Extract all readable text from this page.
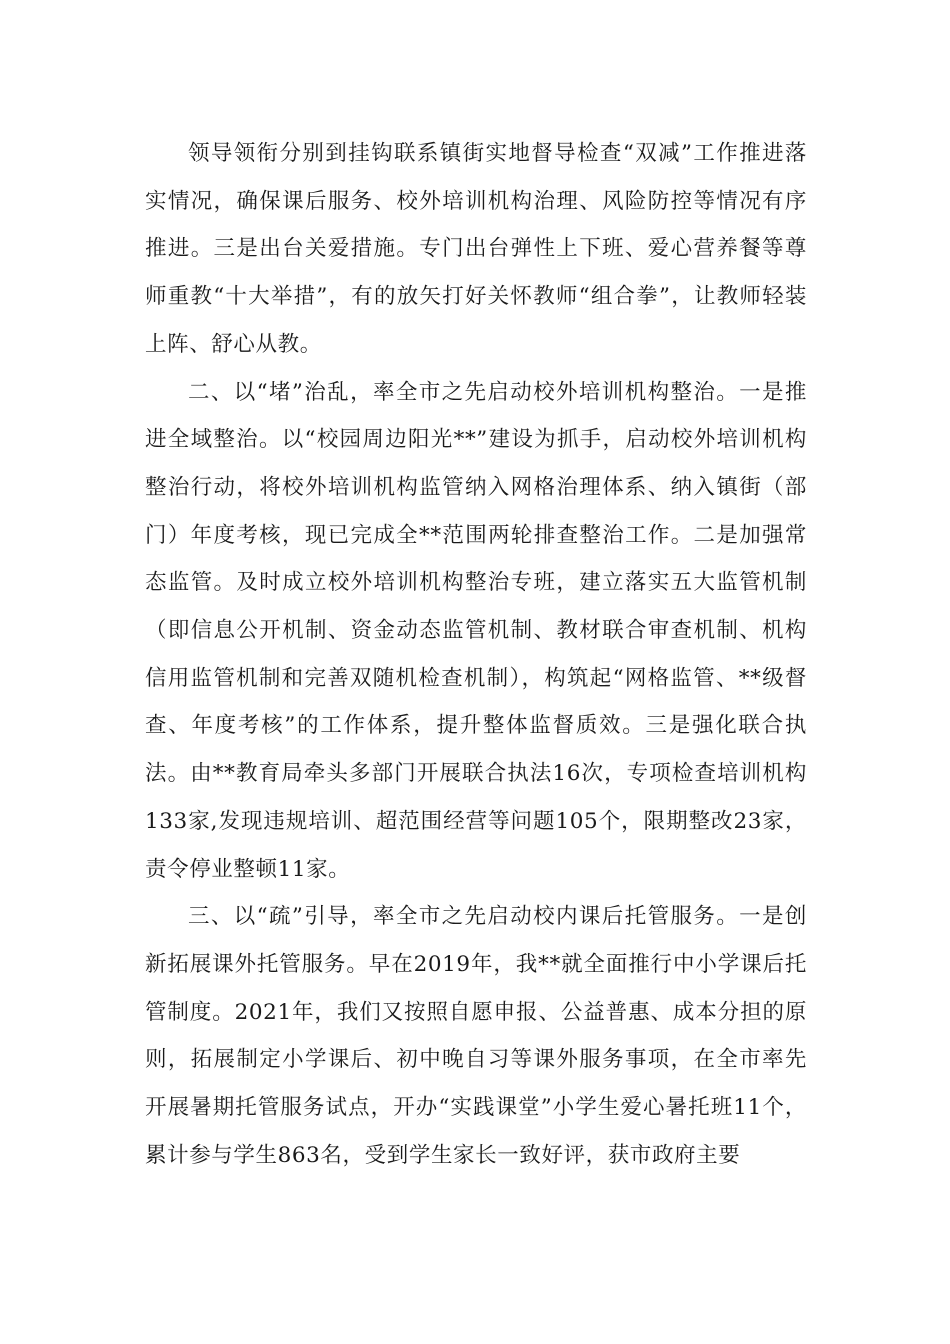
领导领衔分别到挂钩联系镇街实地督导检查“双减”工作推进落实情况，确保课后服务、校外培训机构治理、风险防控等情况有序推进。三是出台关爱措施。专门出台弹性上下班、爱心营养餐等尊师重教“十大举措”，有的放矢打好关怀教师“组合拳”，让教师轻装上阵、舒心从教。

二、以“堵”治乱，率全市之先启动校外培训机构整治。一是推进全域整治。以“校园周边阳光**”建设为抓手，启动校外培训机构整治行动，将校外培训机构监管纳入网格治理体系、纳入镇街（部门）年度考核，现已完成全**范围两轮排查整治工作。二是加强常态监管。及时成立校外培训机构整治专班，建立落实五大监管机制（即信息公开机制、资金动态监管机制、教材联合审查机制、机构信用监管机制和完善双随机检查机制），构筑起“网格监管、**级督查、年度考核”的工作体系，提升整体监督质效。三是强化联合执法。由**教育局牵头多部门开展联合执法16次，专项检查培训机构133家,发现违规培训、超范围经营等问题105个，限期整改23家，责令停业整顿11家。

三、以“疏”引导，率全市之先启动校内课后托管服务。一是创新拓展课外托管服务。早在2019年，我**就全面推行中小学课后托管制度。2021年，我们又按照自愿申报、公益普惠、成本分担的原则，拓展制定小学课后、初中晚自习等课外服务事项，在全市率先开展暑期托管服务试点，开办“实践课堂”小学生爱心暑托班11个，累计参与学生863名，受到学生家长一致好评，获市政府主要
